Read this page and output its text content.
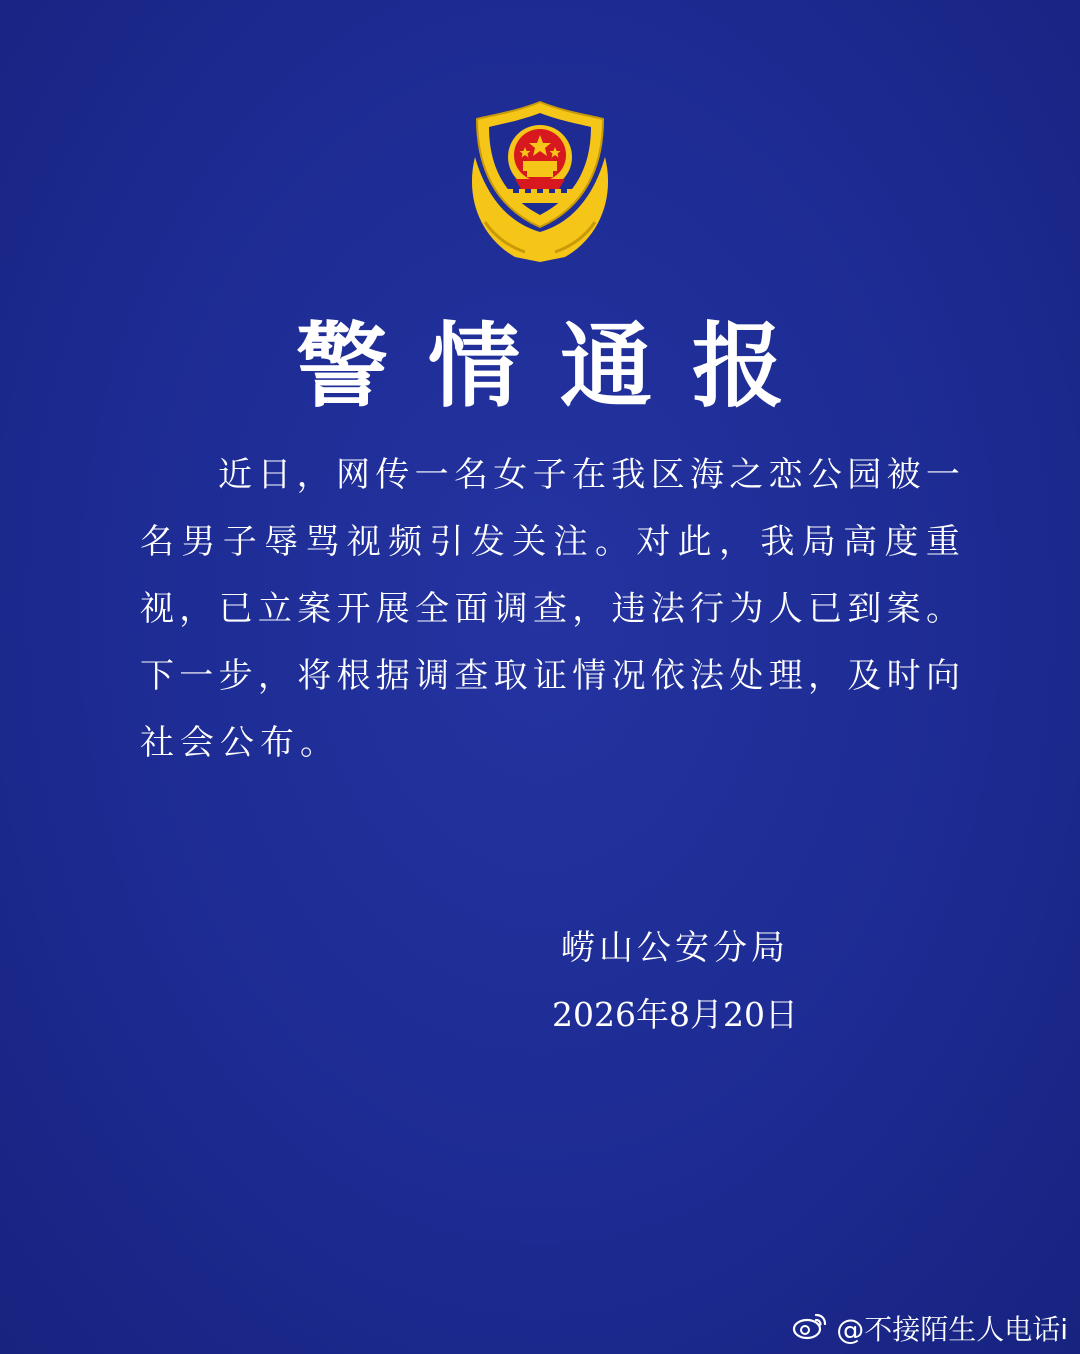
警情通报
近 日 ， 网 传 一 名 女 子 在 我 区 海 之 恋 公 园 被 一
名 男 子 辱 骂 视 频 引 发 关 注 。 对 此 ， 我 局 高 度 重
视 ， 已 立 案 开 展 全 面 调 查 ， 违 法 行 为 人 已 到 案 。
下 一 步 ， 将 根 据 调 查 取 证 情 况 依 法 处 理 ， 及 时 向
社 会 公 布 。
崂山公安分局
2026年8月20日
@不接陌生人电话i
